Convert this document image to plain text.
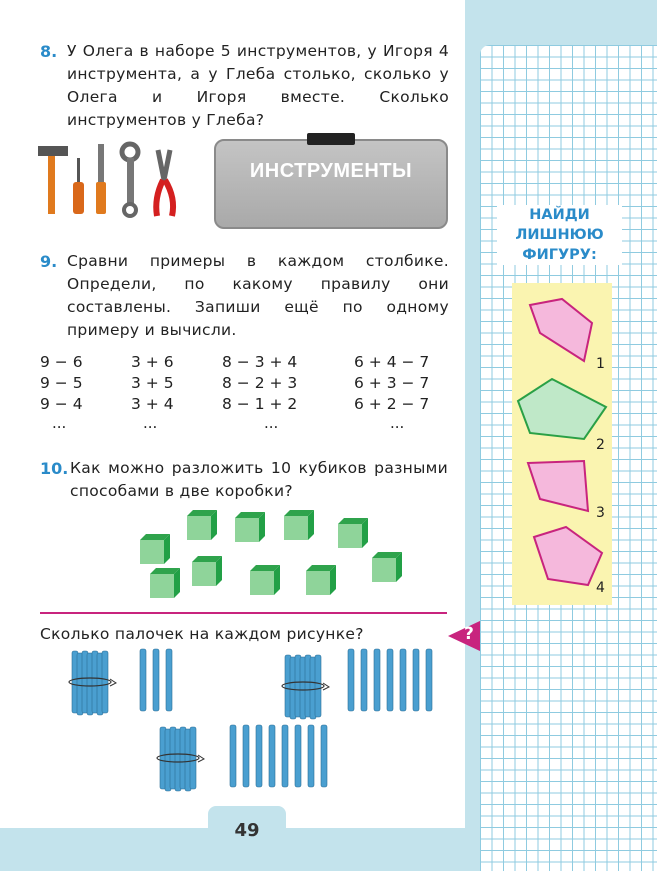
8. У Олега в наборе 5 инструментов, у Игоря 4 инструмента, а у Глеба столько, сколько у Олега и Игоря вместе. Сколько инструментов у Глеба?
ИНСТРУМЕНТЫ
9. Сравни примеры в каждом столбике. Определи, по какому правилу они составлены. Запиши ещё по одному примеру и вычисли.
9 − 6
9 − 5
9 − 4
...
3 + 6
3 + 5
3 + 4
...
8 − 3 + 4
8 − 2 + 3
8 − 1 + 2
...
6 + 4 − 7
6 + 3 − 7
6 + 2 − 7
...
10. Как можно разложить 10 кубиков разными способами в две коробки?
?
Сколько палочек на каждом рисунке?
49
НАЙДИ
ЛИШНЮЮ
ФИГУРУ:
1
2
3
4
